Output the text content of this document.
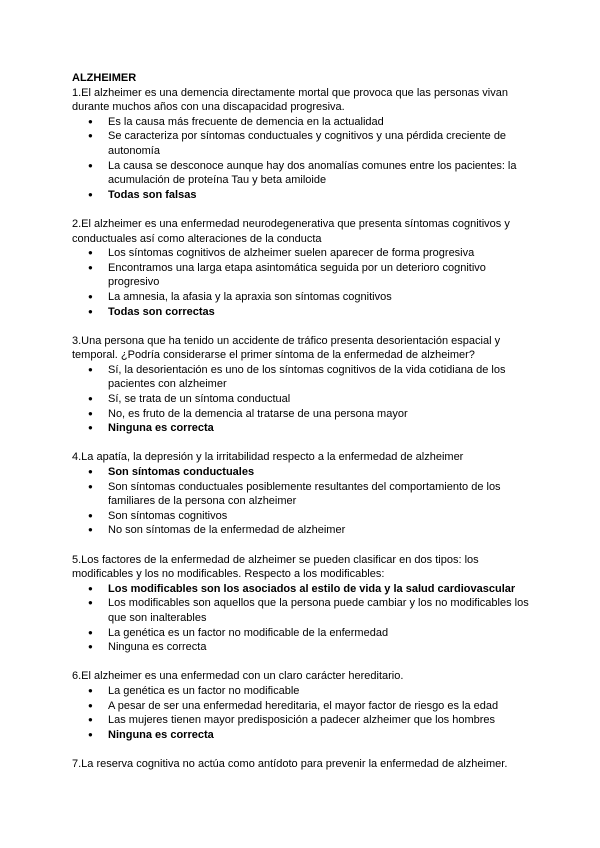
ALZHEIMER

1.El alzheimer es una demencia directamente mortal que provoca que las personas vivan durante muchos años con una discapacidad progresiva.

● Es la causa más frecuente de demencia en la actualidad
● Se caracteriza por síntomas conductuales y cognitivos y una pérdida creciente de autonomía
● La causa se desconoce aunque hay dos anomalías comunes entre los pacientes: la acumulación de proteína Tau y beta amiloide
● Todas son falsas

2.El alzheimer es una enfermedad neurodegenerativa que presenta síntomas cognitivos y conductuales así como alteraciones de la conducta

● Los síntomas cognitivos de alzheimer suelen aparecer de forma progresiva
● Encontramos una larga etapa asintomática seguida por un deterioro cognitivo progresivo
● La amnesia, la afasia y la apraxia son síntomas cognitivos
● Todas son correctas

3.Una persona que ha tenido un accidente de tráfico presenta desorientación espacial y temporal. ¿Podría considerarse el primer síntoma de la enfermedad de alzheimer?

● Sí, la desorientación es uno de los síntomas cognitivos de la vida cotidiana de los pacientes con alzheimer
● Sí, se trata de un síntoma conductual
● No, es fruto de la demencia al tratarse de una persona mayor
● Ninguna es correcta

4.La apatía, la depresión y la irritabilidad respecto a la enfermedad de alzheimer

● Son síntomas conductuales
● Son síntomas conductuales posiblemente resultantes del comportamiento de los familiares de la persona con alzheimer
● Son síntomas cognitivos
● No son síntomas de la enfermedad de alzheimer

5.Los factores de la enfermedad de alzheimer se pueden clasificar en dos tipos: los modificables y los no modificables. Respecto a los modificables:

● Los modificables son los asociados al estilo de vida y la salud cardiovascular
● Los modificables son aquellos que la persona puede cambiar y los no modificables los que son inalterables
● La genética es un factor no modificable de la enfermedad
● Ninguna es correcta

6.El alzheimer es una enfermedad con un claro carácter hereditario.

● La genética es un factor no modificable
● A pesar de ser una enfermedad hereditaria, el mayor factor de riesgo es la edad
● Las mujeres tienen mayor predisposición a padecer alzheimer que los hombres
● Ninguna es correcta

7.La reserva cognitiva no actúa como antídoto para prevenir la enfermedad de alzheimer.
